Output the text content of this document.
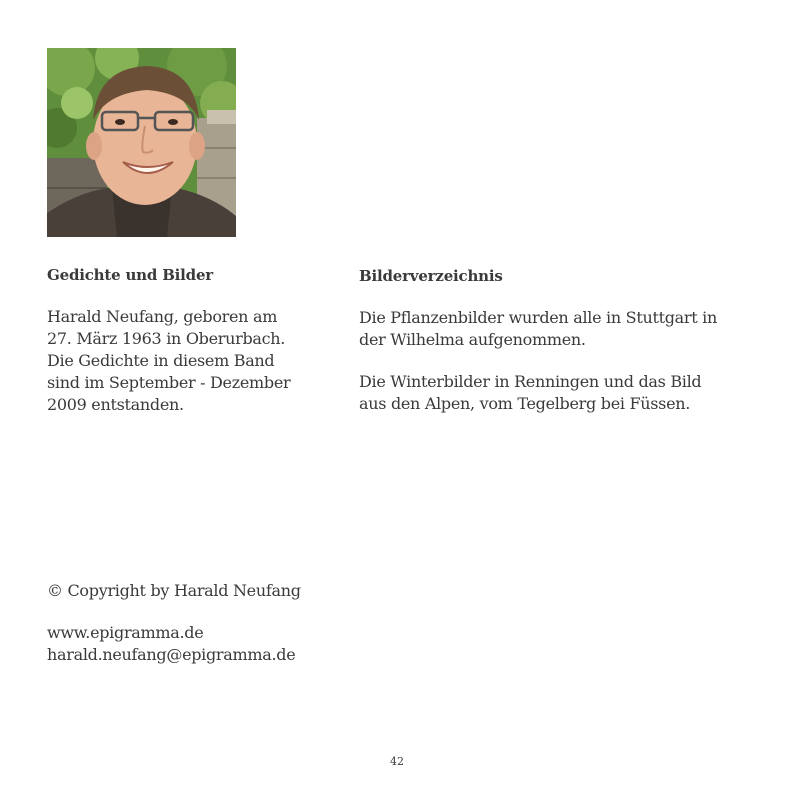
Gedichte und Bilder

Harald Neufang, geboren am
27. März 1963 in Oberurbach.
Die Gedichte in diesem Band
sind im September - Dezember
2009 entstanden.

Bilderverzeichnis

Die Pflanzenbilder wurden alle in Stuttgart in
der Wilhelma aufgenommen.

Die Winterbilder in Renningen und das Bild
aus den Alpen, vom Tegelberg bei Füssen.

© Copyright by Harald Neufang

www.epigramma.de

harald.neufang@epigramma.de

42
